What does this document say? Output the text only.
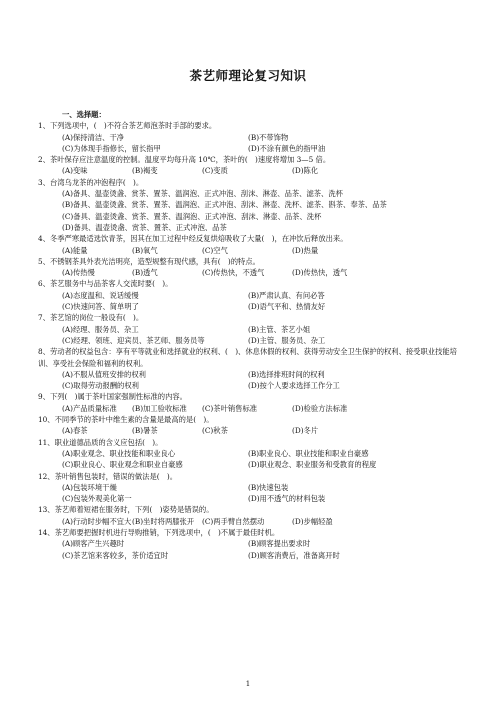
茶艺师理论复习知识
一、选择题：
1、下列选项中，(　)不符合茶艺师泡茶时手部的要求。
(A)保持清洁、干净	(B)不带饰物
(C)为体现手指修长，留长指甲	(D)不涂有颜色的指甲油
2、茶叶保存应注意温度的控制。温度平均每升高 10℃，茶叶的(　)速度将增加 3—5 倍。
(A)变味	(B)褐变	(C)变质	(D)陈化
3、台湾乌龙茶的冲泡程序(　)。
(A)备具、温壶烫盏、赏茶、置茶、温润泡、正式冲泡、刮沫、淋壶、品茶、滤茶、洗杯
(B)备具、温壶烫盏、赏茶、置茶、温润泡、正式冲泡、刮沫、淋壶、洗杯、滤茶、斟茶、奉茶、品茶
(C)备具、温壶烫盏、赏茶、置茶、温润泡、正式冲泡、刮沫、淋壶、品茶、洗杯
(D)备具、温壶烫盏、赏茶、置茶、正式冲泡、品茶
4、冬季严寒最适选饮青茶，因其在加工过程中经反复烘焙吸收了大量(　)，在冲饮后释放出来。
(A)能量	(B)氧气	(C)空气	(D)热量
5、不锈钢茶具外表光洁明亮，造型规整有现代感，具有(　)的特点。
(A)传热慢	(B)透气	(C)传热快，不透气	(D)传热快，透气
6、茶艺服务中与品茶客人交流时要(　)。
(A)态度温和、说话缓慢	(B)严肃认真、有问必答
(C)快速问答、简单明了	(D)语气平和、热情友好
7、茶艺馆的岗位一般设有(　)。
(A)经理、服务员、杂工	(B)主管、茶艺小姐
(C)经理、领班、迎宾员、茶艺师、服务员等	(D)主管、服务员、杂工
8、劳动者的权益包含：享有平等就业和选择就业的权利、(　)、休息休假的权利、获得劳动安全卫生保护的权利、接受职业技能培训、享受社会保险和福利的权利。
(A)不服从值班安排的权利	(B)选择排班时间的权利
(C)取得劳动报酬的权利	(D)按个人要求选择工作分工
9、下列(　)属于茶叶国家强制性标准的内容。
(A)产品质量标准	(B)加工验收标准	(C)茶叶销售标准	(D)检验方法标准
10、不同季节的茶叶中维生素的含量是最高的是(　)。
(A)春茶	(B)暑茶	(C)秋茶	(D)冬片
11、职业道德品质的含义应包括(　)。
(A)职业观念、职业技能和职业良心	(B)职业良心、职业技能和职业自豪感
(C)职业良心、职业观念和职业自豪感	(D)职业观念、职业服务和受教育的程度
12、茶叶销售包装时，错误的做法是(　)。
(A)包装环境干燥	(B)快速包装
(C)包装外观美化第一	(D)用不透气的材料包装
13、茶艺师着短裙在服务时，下列(　)姿势是错误的。
(A)行动时步幅不宜大 (B)坐时将两膝张开	(C)两手臂自然摆动	(D)步幅轻盈
14、茶艺师要把握时机进行导购推销，下列选项中，(　)不属于最佳时机。
(A)顾客产生兴趣时	(B)顾客提出要求时
(C)茶艺馆来客较多，茶价适宜时	(D)顾客消费后，准备离开时
1
